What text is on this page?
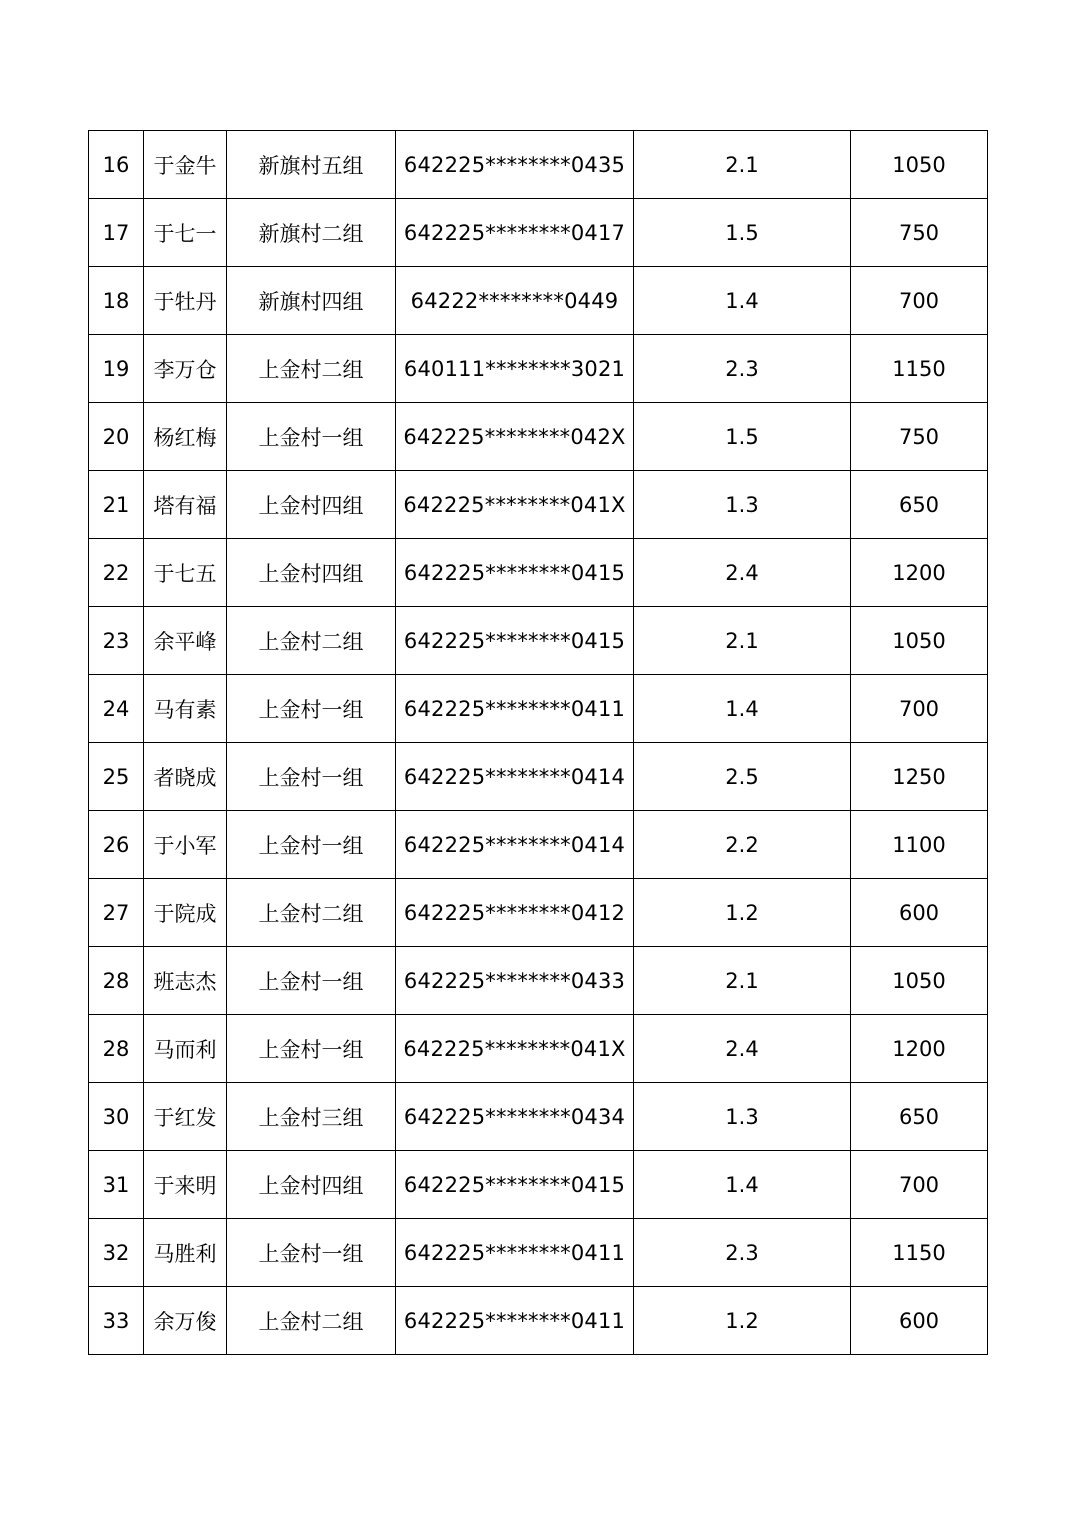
16	于金牛	新旗村五组	642225********0435	2.1	1050
17	于七一	新旗村二组	642225********0417	1.5	750
18	于牡丹	新旗村四组	64222********0449	1.4	700
19	李万仓	上金村二组	640111********3021	2.3	1150
20	杨红梅	上金村一组	642225********042X	1.5	750
21	塔有福	上金村四组	642225********041X	1.3	650
22	于七五	上金村四组	642225********0415	2.4	1200
23	余平峰	上金村二组	642225********0415	2.1	1050
24	马有素	上金村一组	642225********0411	1.4	700
25	者晓成	上金村一组	642225********0414	2.5	1250
26	于小军	上金村一组	642225********0414	2.2	1100
27	于院成	上金村二组	642225********0412	1.2	600
28	班志杰	上金村一组	642225********0433	2.1	1050
28	马而利	上金村一组	642225********041X	2.4	1200
30	于红发	上金村三组	642225********0434	1.3	650
31	于来明	上金村四组	642225********0415	1.4	700
32	马胜利	上金村一组	642225********0411	2.3	1150
33	余万俊	上金村二组	642225********0411	1.2	600
